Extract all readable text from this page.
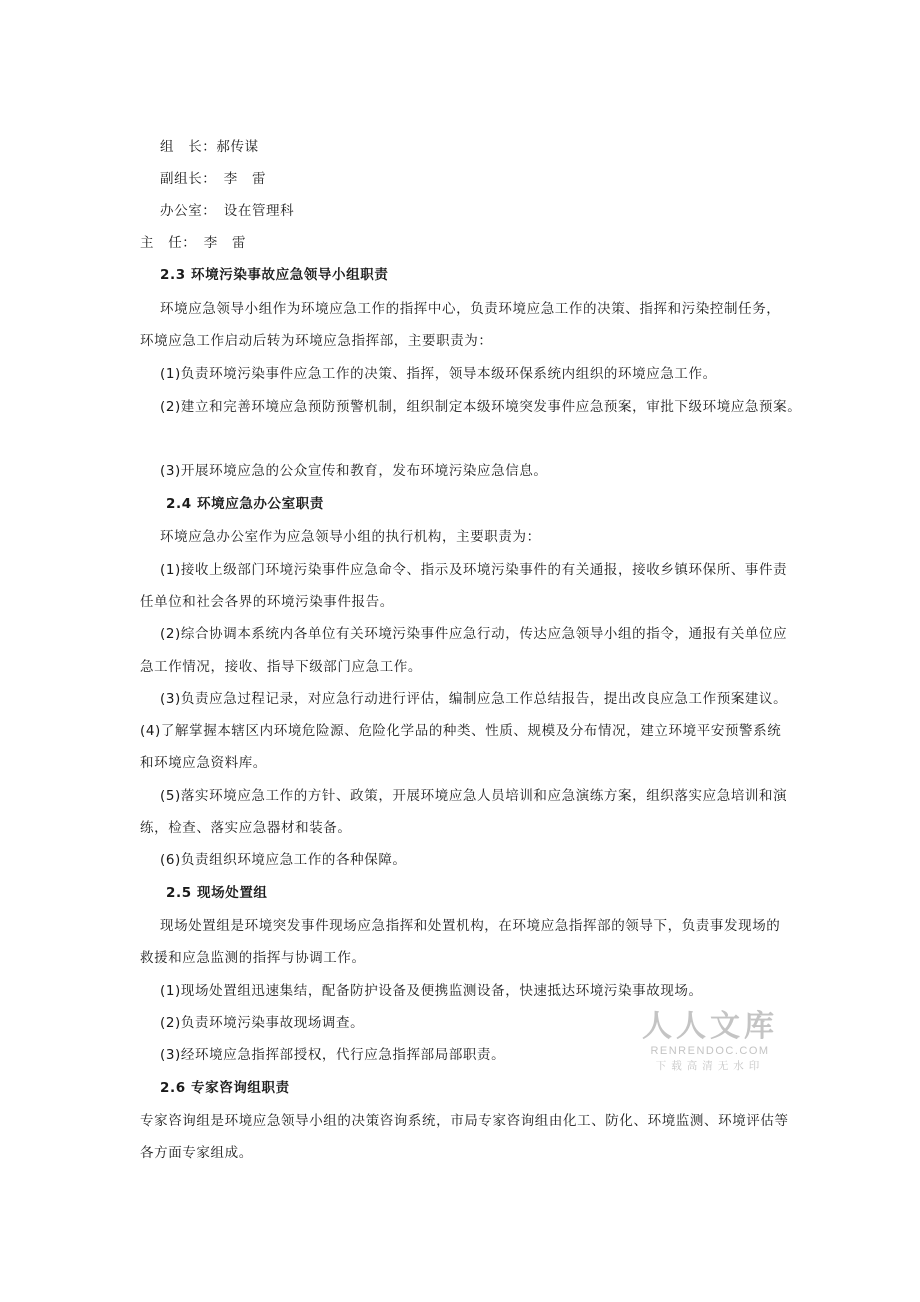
组　长：郝传谋
副组长：　李　雷
办公室：　设在管理科
主　任：　李　雷
2.3 环境污染事故应急领导小组职责
环境应急领导小组作为环境应急工作的指挥中心，负责环境应急工作的决策、指挥和污染控制任务，
环境应急工作启动后转为环境应急指挥部，主要职责为：
(1)负责环境污染事件应急工作的决策、指挥，领导本级环保系统内组织的环境应急工作。
(2)建立和完善环境应急预防预警机制，组织制定本级环境突发事件应急预案，审批下级环境应急预案。
(3)开展环境应急的公众宣传和教育，发布环境污染应急信息。
2.4 环境应急办公室职责
环境应急办公室作为应急领导小组的执行机构，主要职责为：
(1)接收上级部门环境污染事件应急命令、指示及环境污染事件的有关通报，接收乡镇环保所、事件责
任单位和社会各界的环境污染事件报告。
(2)综合协调本系统内各单位有关环境污染事件应急行动，传达应急领导小组的指令，通报有关单位应
急工作情况，接收、指导下级部门应急工作。
(3)负责应急过程记录，对应急行动进行评估，编制应急工作总结报告，提出改良应急工作预案建议。
(4)了解掌握本辖区内环境危险源、危险化学品的种类、性质、规模及分布情况，建立环境平安预警系统
和环境应急资料库。
(5)落实环境应急工作的方针、政策，开展环境应急人员培训和应急演练方案，组织落实应急培训和演
练，检查、落实应急器材和装备。
(6)负责组织环境应急工作的各种保障。
2.5 现场处置组
现场处置组是环境突发事件现场应急指挥和处置机构，在环境应急指挥部的领导下，负责事发现场的
救援和应急监测的指挥与协调工作。
(1)现场处置组迅速集结，配备防护设备及便携监测设备，快速抵达环境污染事故现场。
(2)负责环境污染事故现场调查。
(3)经环境应急指挥部授权，代行应急指挥部局部职责。
2.6 专家咨询组职责
专家咨询组是环境应急领导小组的决策咨询系统，市局专家咨询组由化工、防化、环境监测、环境评估等
各方面专家组成。
人人文库
RENRENDOC.COM
下载高清无水印
